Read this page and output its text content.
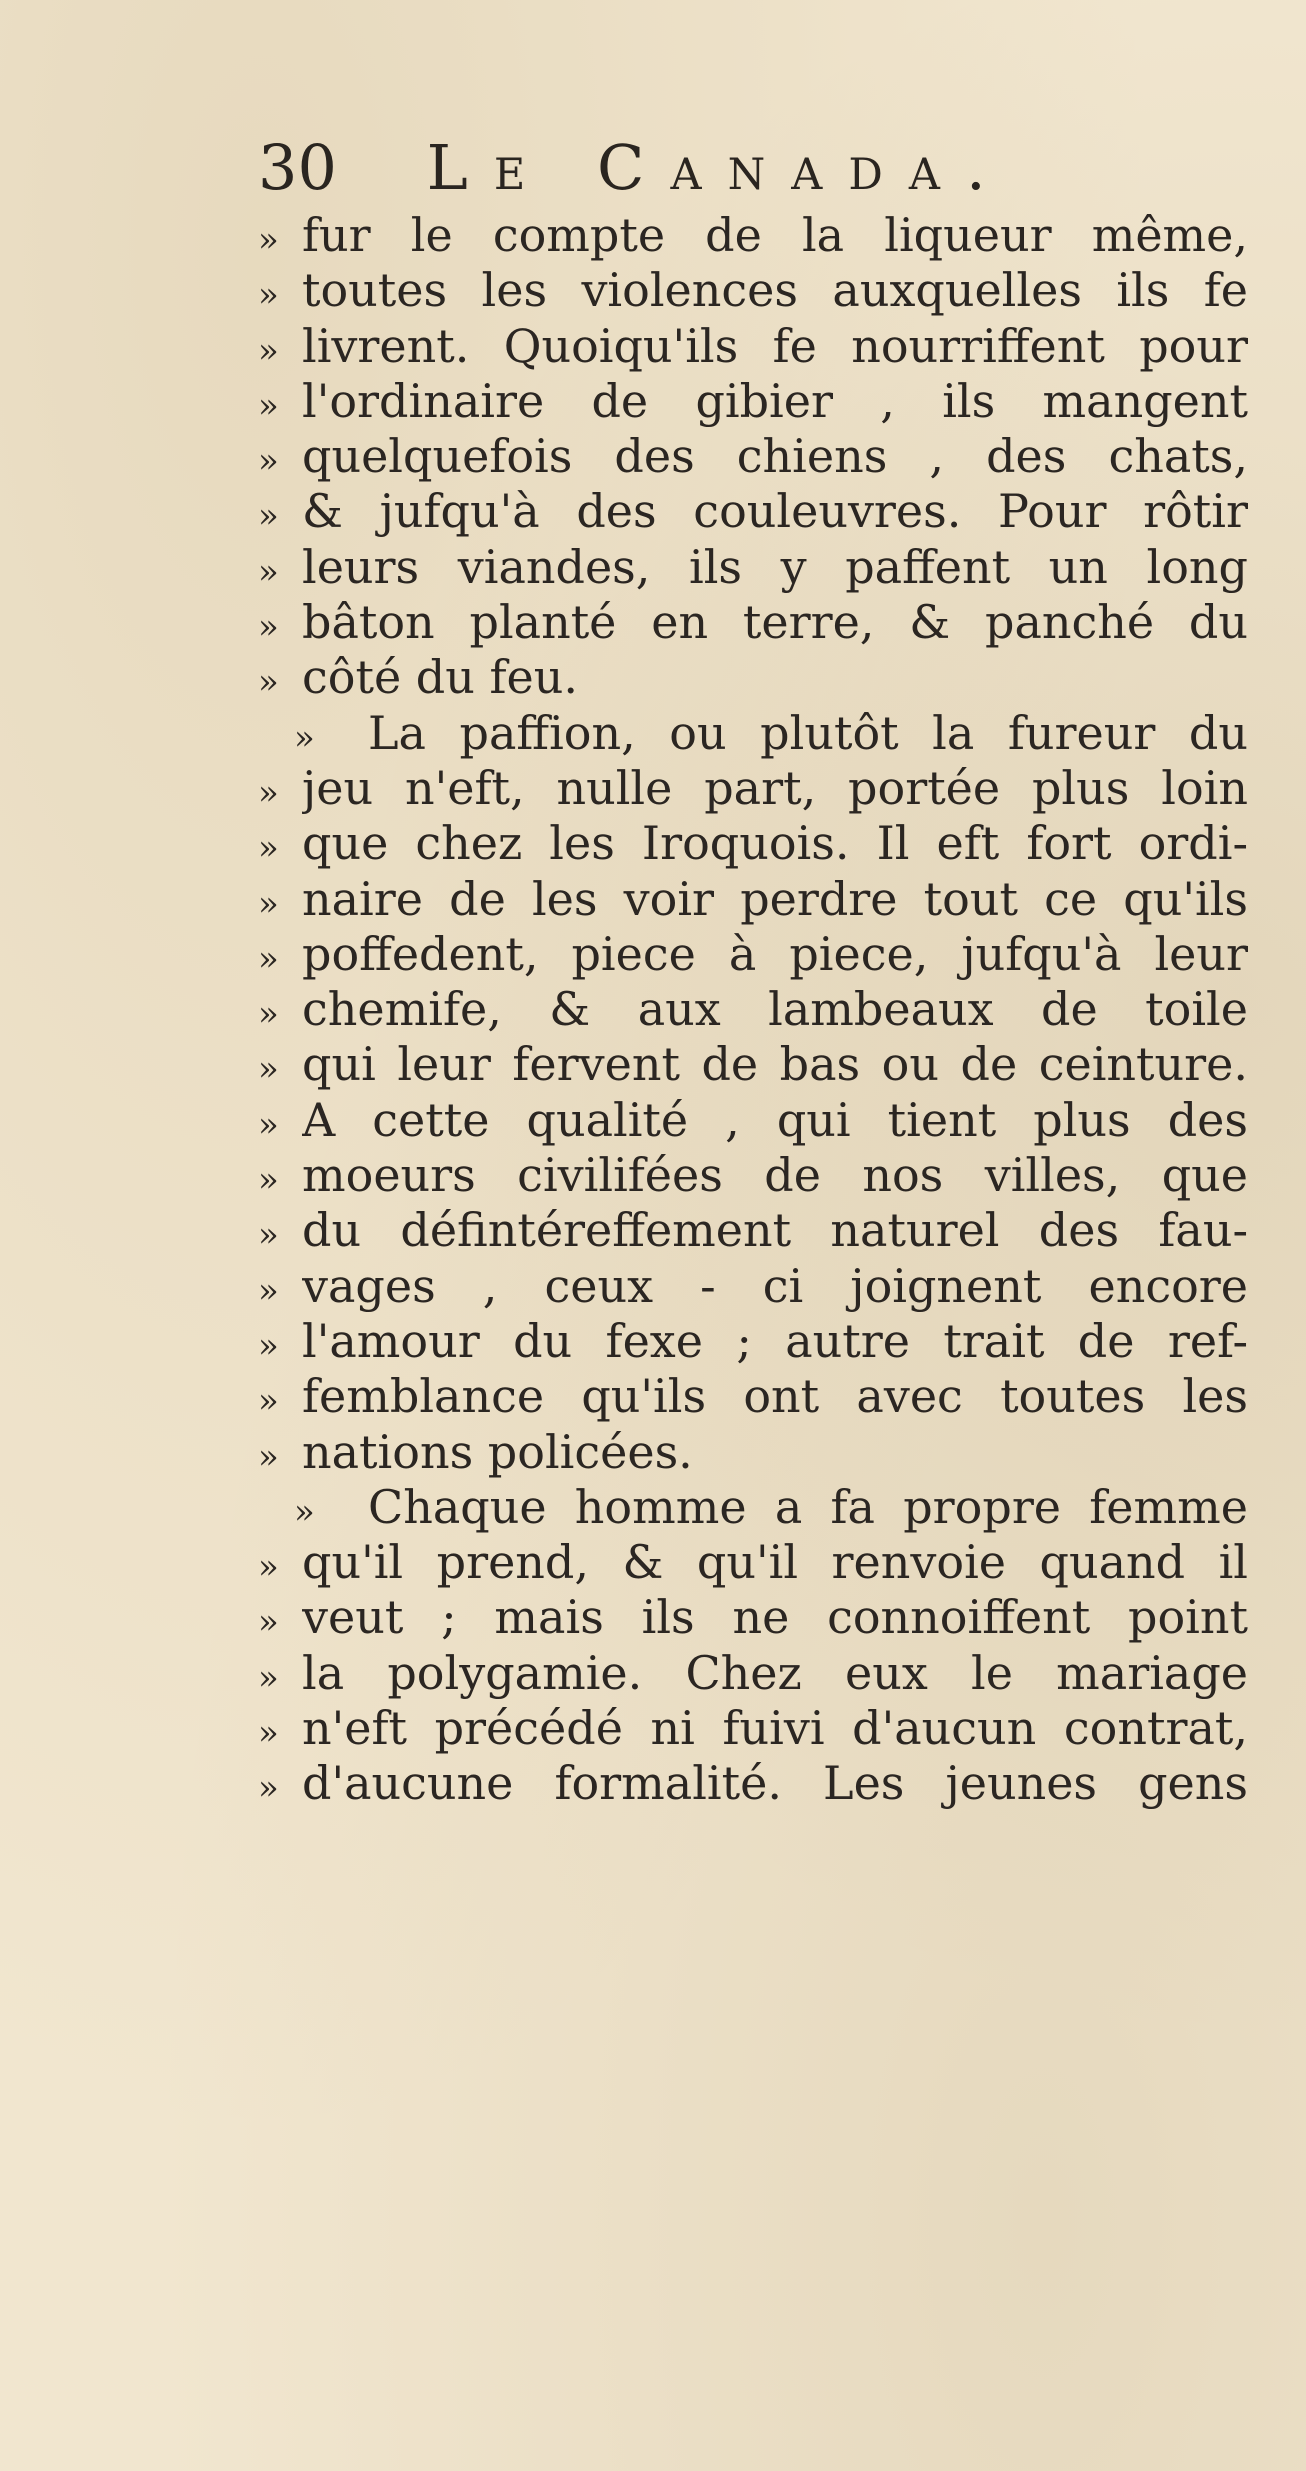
30 Le Canada.
» fur le compte de la liqueur même,
» toutes les violences auxquelles ils fe
» livrent. Quoiqu'ils fe nourriffent pour
» l'ordinaire de gibier , ils mangent
» quelquefois des chiens , des chats,
» & jufqu'à des couleuvres. Pour rôtir
» leurs viandes, ils y paffent un long
» bâton planté en terre, & panché du
» côté du feu.
»	La paffion, ou plutôt la fureur du
» jeu n'eft, nulle part, portée plus loin
» que chez les Iroquois. Il eft fort ordi-
» naire de les voir perdre tout ce qu'ils
» poffedent, piece à piece, jufqu'à leur
» chemife, & aux lambeaux de toile
» qui leur fervent de bas ou de ceinture.
» A cette qualité , qui tient plus des
» moeurs civilifées de nos villes, que
» du défintéreffement naturel des fau-
» vages , ceux - ci joignent encore
» l'amour du fexe ; autre trait de ref-
» femblance qu'ils ont avec toutes les
» nations policées.
»	Chaque homme a fa propre femme
» qu'il prend, & qu'il renvoie quand il
» veut ; mais ils ne connoiffent point
» la polygamie. Chez eux le mariage
» n'eft précédé ni fuivi d'aucun contrat,
» d'aucune formalité. Les jeunes gens
